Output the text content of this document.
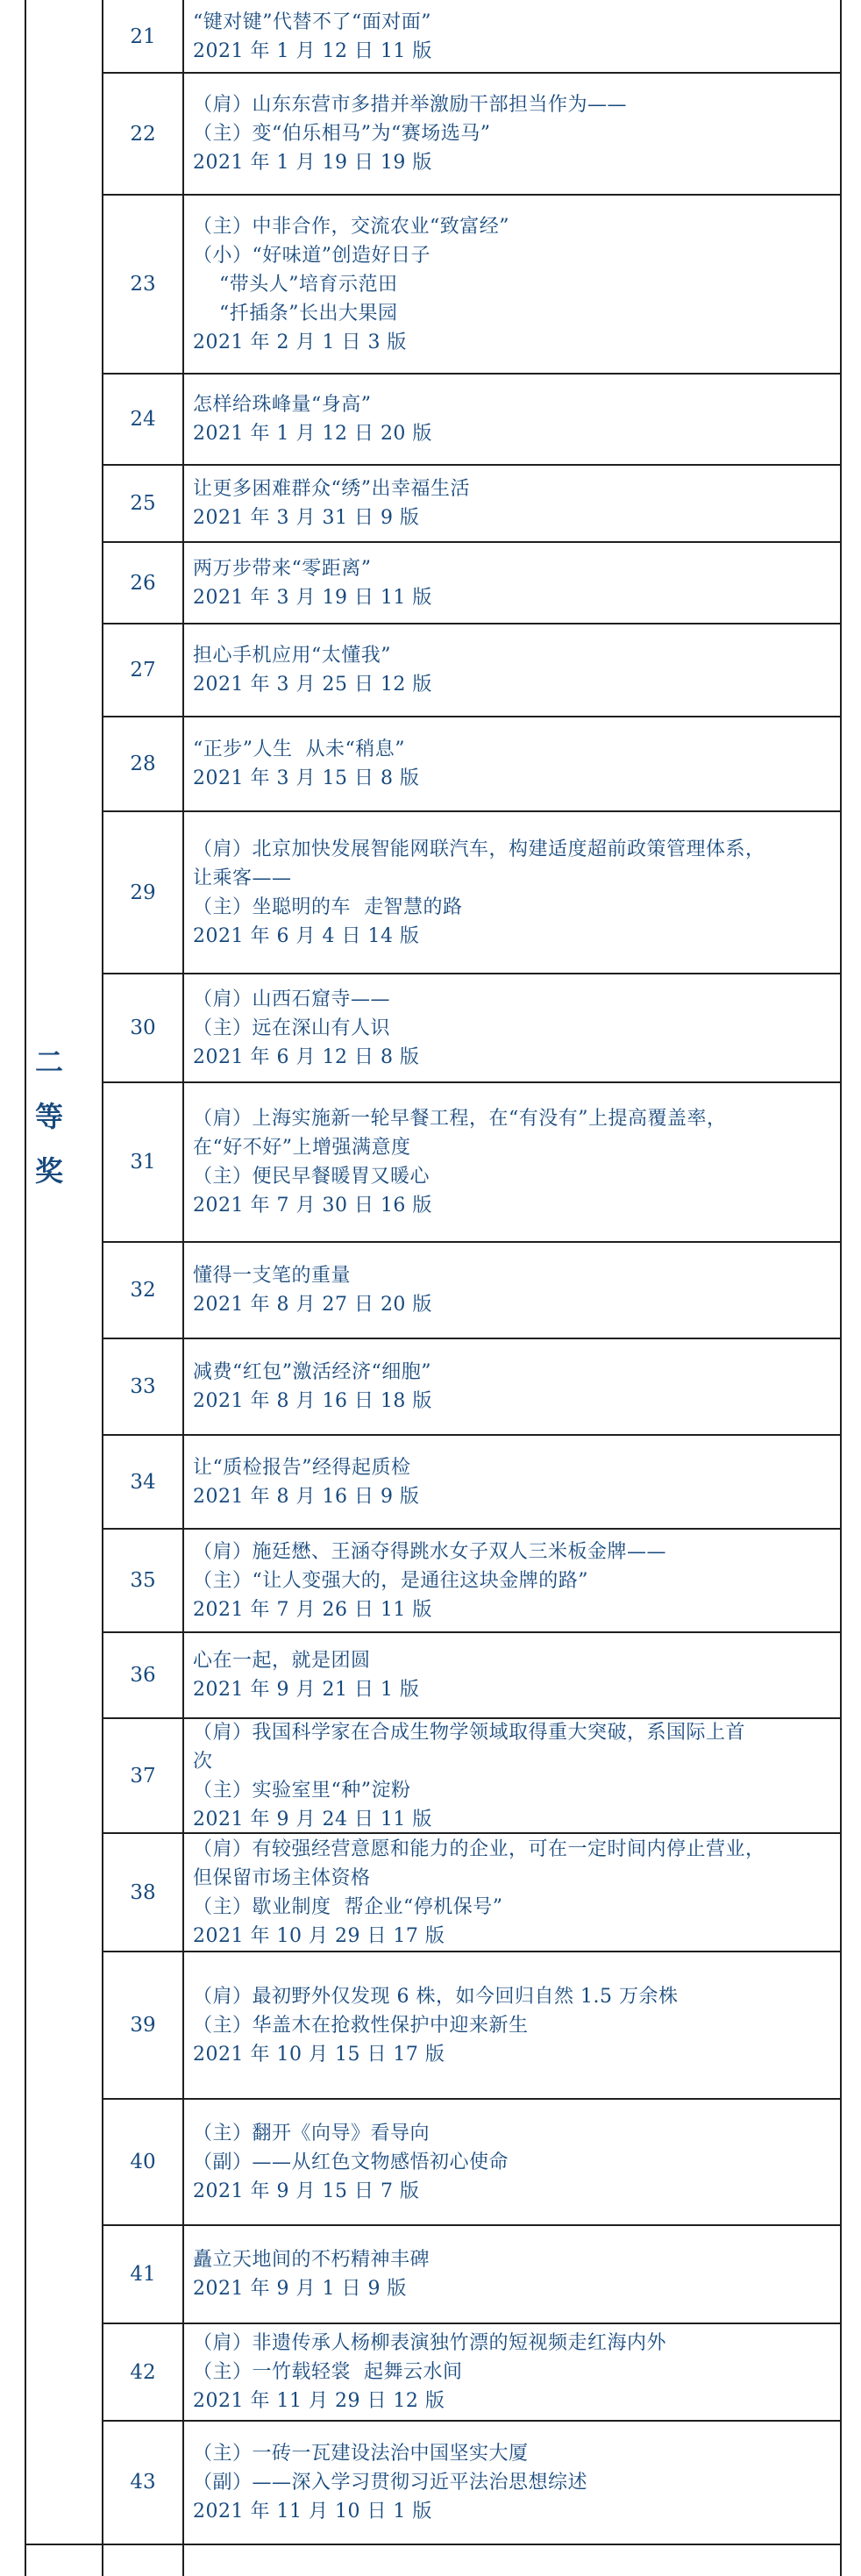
二
等
奖
21
“键对键”代替不了“面对面”
2021 年 1 月 12 日 11 版
22
（肩）山东东营市多措并举激励干部担当作为——
（主）变“伯乐相马”为“赛场选马”
2021 年 1 月 19 日 19 版
23
（主）中非合作，交流农业“致富经”
（小）“好味道”创造好日子
“带头人”培育示范田
“扦插条”长出大果园
2021 年 2 月 1 日 3 版
24
怎样给珠峰量“身高”
2021 年 1 月 12 日 20 版
25
让更多困难群众“绣”出幸福生活
2021 年 3 月 31 日 9 版
26
两万步带来“零距离”
2021 年 3 月 19 日 11 版
27
担心手机应用“太懂我”
2021 年 3 月 25 日 12 版
28
“正步”人生  从未“稍息”
2021 年 3 月 15 日 8 版
29
（肩）北京加快发展智能网联汽车，构建适度超前政策管理体系，
让乘客——
（主）坐聪明的车  走智慧的路
2021 年 6 月 4 日 14 版
30
（肩）山西石窟寺——
（主）远在深山有人识
2021 年 6 月 12 日 8 版
31
（肩）上海实施新一轮早餐工程，在“有没有”上提高覆盖率，
在“好不好”上增强满意度
（主）便民早餐暖胃又暖心
2021 年 7 月 30 日 16 版
32
懂得一支笔的重量
2021 年 8 月 27 日 20 版
33
减费“红包”激活经济“细胞”
2021 年 8 月 16 日 18 版
34
让“质检报告”经得起质检
2021 年 8 月 16 日 9 版
35
（肩）施廷懋、王涵夺得跳水女子双人三米板金牌——
（主）“让人变强大的，是通往这块金牌的路”
2021 年 7 月 26 日 11 版
36
心在一起，就是团圆
2021 年 9 月 21 日 1 版
37
（肩）我国科学家在合成生物学领域取得重大突破，系国际上首
次
（主）实验室里“种”淀粉
2021 年 9 月 24 日 11 版
38
（肩）有较强经营意愿和能力的企业，可在一定时间内停止营业，
但保留市场主体资格
（主）歇业制度  帮企业“停机保号”
2021 年 10 月 29 日 17 版
39
（肩）最初野外仅发现 6 株，如今回归自然 1.5 万余株
（主）华盖木在抢救性保护中迎来新生
2021 年 10 月 15 日 17 版
40
（主）翻开《向导》看导向
（副）——从红色文物感悟初心使命
2021 年 9 月 15 日 7 版
41
矗立天地间的不朽精神丰碑
2021 年 9 月 1 日 9 版
42
（肩）非遗传承人杨柳表演独竹漂的短视频走红海内外
（主）一竹载轻裳  起舞云水间
2021 年 11 月 29 日 12 版
43
（主）一砖一瓦建设法治中国坚实大厦
（副）——深入学习贯彻习近平法治思想综述
2021 年 11 月 10 日 1 版
